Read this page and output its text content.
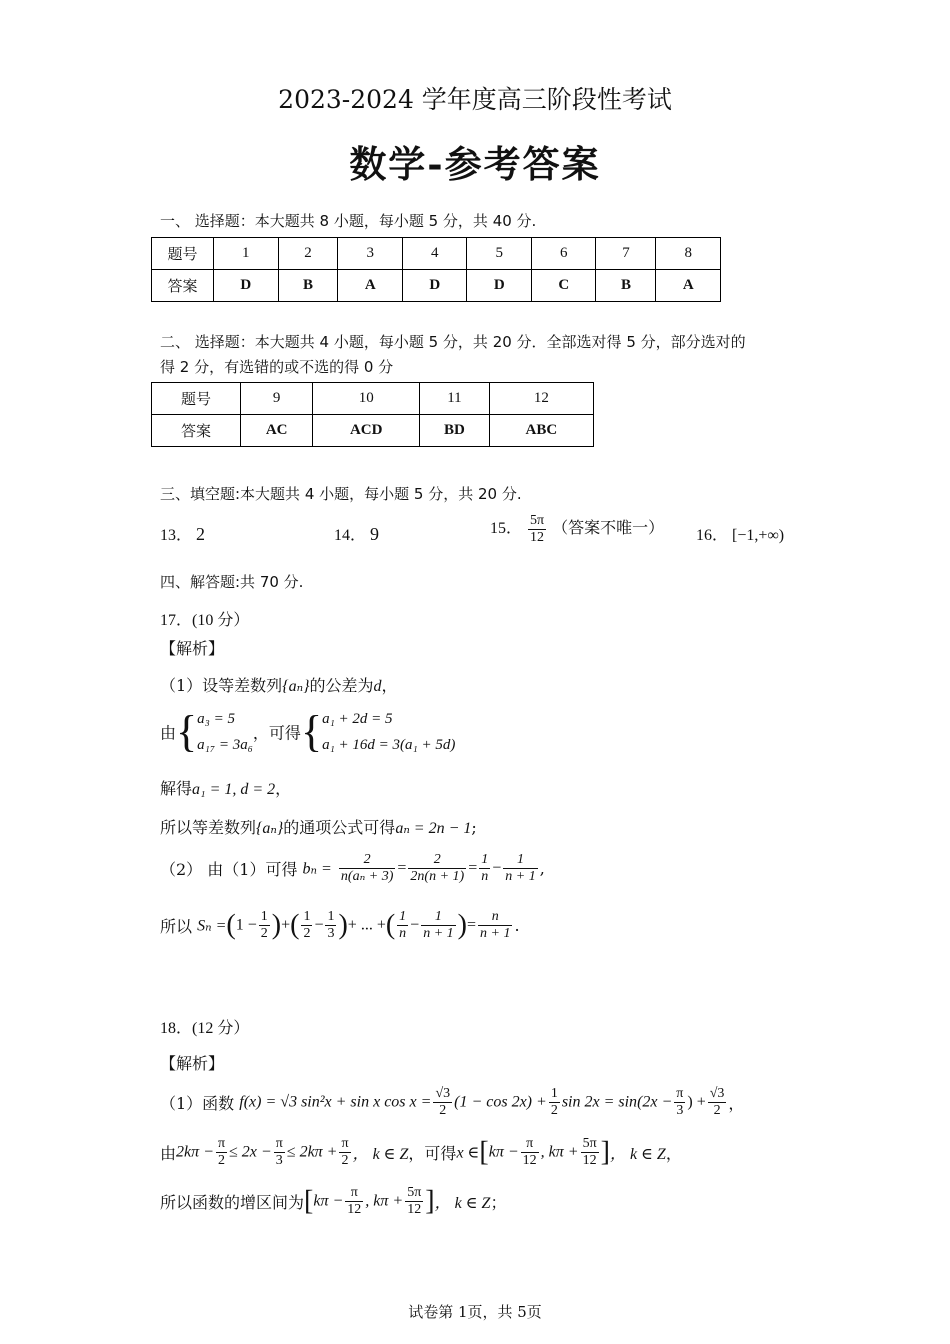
2023-2024 学年度高三阶段性考试
数学-参考答案
一、 选择题：本大题共 8 小题，每小题 5 分，共 40 分.
题号	1	2	3	4	5	6	7	8
答案	D	B	A	D	D	C	B	A
二、 选择题：本大题共 4 小题，每小题 5 分，共 20 分．全部选对得 5 分，部分选对的
得 2 分，有选错的或不选的得 0 分
题号	9	10	11	12
答案	AC	ACD	BD	ABC
三、填空题:本大题共 4 小题，每小题 5 分，共 20 分.
13． 2	14． 9	15． $\frac{5\pi}{12}$ （答案不唯一） 16． [−1,+∞)
四、解答题:共 70 分.
17．(10 分）
【解析】
（1）设等差数列{aₙ}的公差为d，
由{ a₃ = 5
a₁₇ = 3a₆
，可得{ a₁ + 2d = 5
a₁ + 16d = 3(a₁ + 5d)
解得a₁ = 1, d = 2，
所以等差数列{aₙ}的通项公式可得aₙ = 2n − 1;
（2） 由（1）可得 $b_n = \frac{2}{\text{n(aₙ + 3)}} = \frac{2}{2n(n + 1)} = \frac{1}{n} - \frac{1}{n + 1}$ ,
所以 $S_n =(1 - \frac{1}{2}$ )+( $\frac{1}{2} - \frac{1}{3}$ )+ ... +( $\frac{1}{n} - \frac{1}{n + 1}$ )= $\frac{n}{n + 1}$ .
18．(12 分）
【解析】
（1）函数 f(x) = √3 sin²x + sin x $\cos x = \frac{√3}{2} (1 - \cos 2x) + \frac{1}{2}$ $\sin 2x = \sin(2x - \frac{\pi}{3}$ ) + $\frac{√3}{2}$ ，
由$2k\pi - \frac{\pi}{2} \le 2x - \frac{\pi}{3} \le 2k\pi + \frac{\pi}{2}$ ， k ∈ Z，可得x ∈[kπ − $\frac{\pi}{12}$ , $k\pi + \frac{5\pi}{12}$ ]， k ∈ Z，
所以函数的增区间为[$k\pi - \frac{\pi}{12}$ , $k\pi + \frac{5\pi}{12}$ ]， k ∈ Z；
试卷第 1页，共 5页
